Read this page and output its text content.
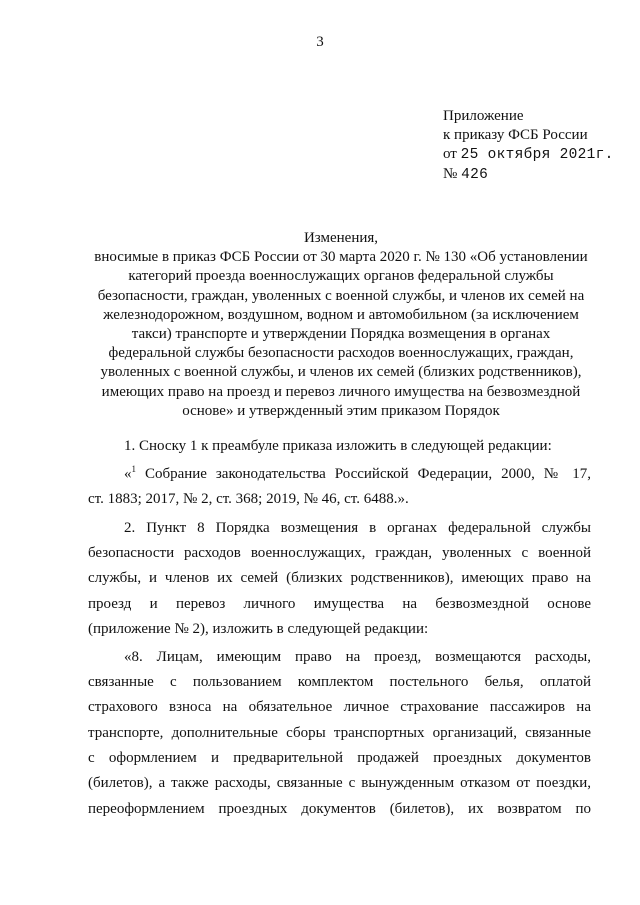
3
Приложение
к приказу ФСБ России
от 25 октября 2021г.
№ 426
Изменения,
вносимые в приказ ФСБ России от 30 марта 2020 г. № 130 «Об установлении
категорий проезда военнослужащих органов федеральной службы
безопасности, граждан, уволенных с военной службы, и членов их семей на
железнодорожном, воздушном, водном и автомобильном (за исключением
такси) транспорте и утверждении Порядка возмещения в органах
федеральной службы безопасности расходов военнослужащих, граждан,
уволенных с военной службы, и членов их семей (близких родственников),
имеющих право на проезд и перевоз личного имущества на безвозмездной
основе» и утвержденный этим приказом Порядок
1. Сноску 1 к преамбуле приказа изложить в следующей редакции:
«$^1$ Собрание законодательства Российской Федерации, 2000, № 17,
ст. 1883; 2017, № 2, ст. 368; 2019, № 46, ст. 6488.».
2. Пункт 8 Порядка возмещения в органах федеральной службы
безопасности расходов военнослужащих, граждан, уволенных с военной
службы, и членов их семей (близких родственников), имеющих право на
проезд и перевоз личного имущества на безвозмездной основе
(приложение № 2), изложить в следующей редакции:
«8. Лицам, имеющим право на проезд, возмещаются расходы,
связанные с пользованием комплектом постельного белья, оплатой
страхового взноса на обязательное личное страхование пассажиров на
транспорте, дополнительные сборы транспортных организаций, связанные
с оформлением и предварительной продажей проездных документов
(билетов), а также расходы, связанные с вынужденным отказом от поездки,
переоформлением проездных документов (билетов), их возвратом по
